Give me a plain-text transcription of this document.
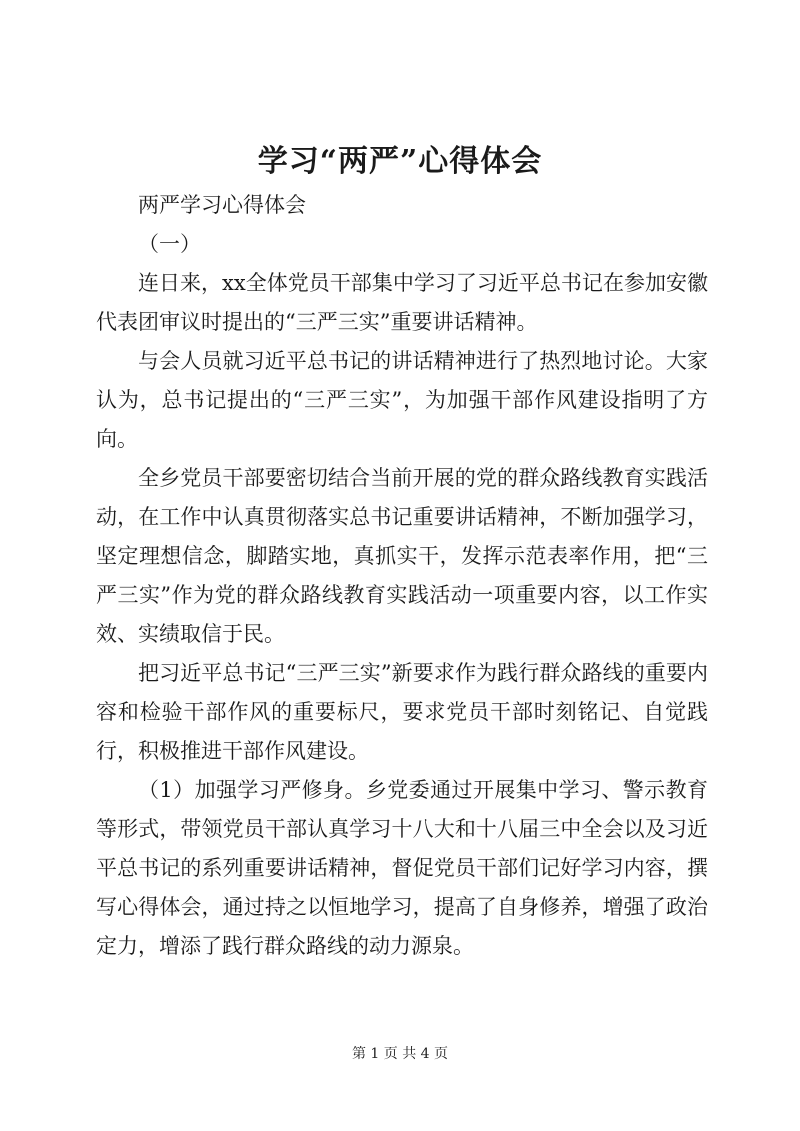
学习“两严”心得体会

两严学习心得体会

（一）

连日来，xx全体党员干部集中学习了习近平总书记在参加安徽代表团审议时提出的“三严三实”重要讲话精神。

与会人员就习近平总书记的讲话精神进行了热烈地讨论。大家认为，总书记提出的“三严三实”，为加强干部作风建设指明了方向。

全乡党员干部要密切结合当前开展的党的群众路线教育实践活动，在工作中认真贯彻落实总书记重要讲话精神，不断加强学习，坚定理想信念，脚踏实地，真抓实干，发挥示范表率作用，把“三严三实”作为党的群众路线教育实践活动一项重要内容，以工作实效、实绩取信于民。

把习近平总书记“三严三实”新要求作为践行群众路线的重要内容和检验干部作风的重要标尺，要求党员干部时刻铭记、自觉践行，积极推进干部作风建设。

（1）加强学习严修身。乡党委通过开展集中学习、警示教育等形式，带领党员干部认真学习十八大和十八届三中全会以及习近平总书记的系列重要讲话精神，督促党员干部们记好学习内容，撰写心得体会，通过持之以恒地学习，提高了自身修养，增强了政治定力，增添了践行群众路线的动力源泉。

第 1 页 共 4 页
